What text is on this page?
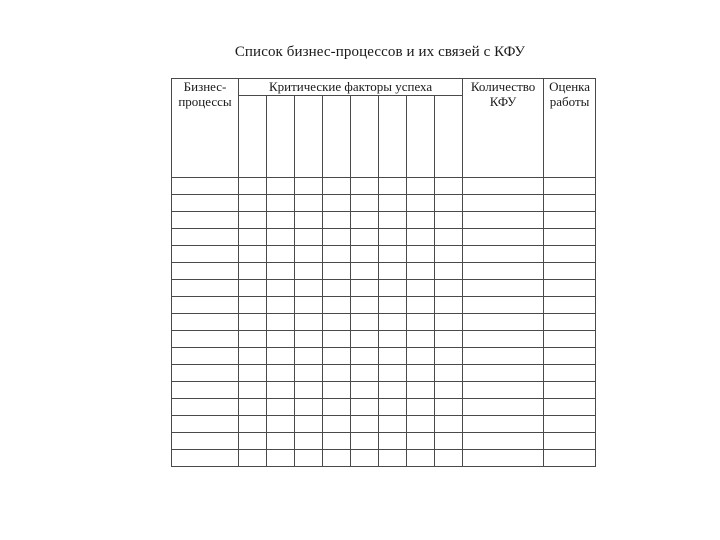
Список бизнес-процессов и их связей с КФУ
Бизнес-процессы	Критические факторы успеха								Количество КФУ	Оценка работы
